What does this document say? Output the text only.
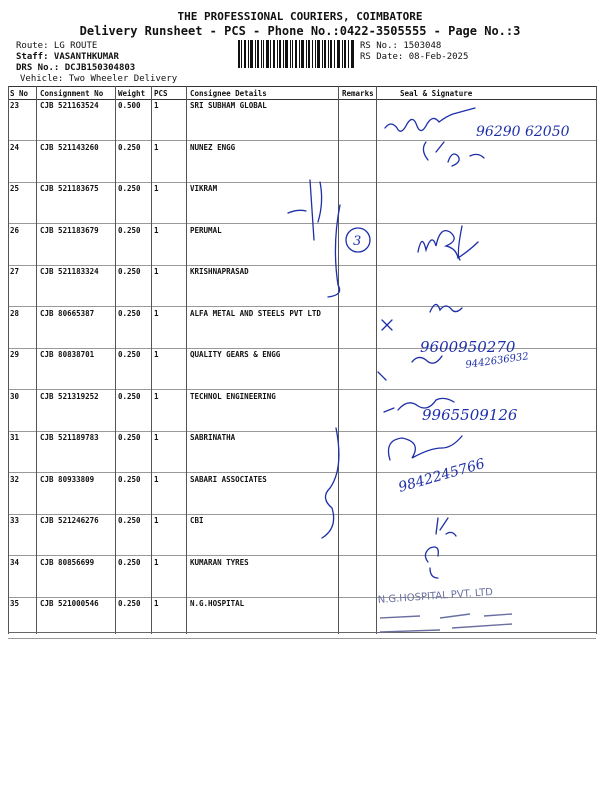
THE PROFESSIONAL COURIERS, COIMBATORE
Delivery Runsheet - PCS - Phone No.:0422-3505555 - Page No.:3
Route: LG ROUTE
Staff: VASANTHKUMAR
DRS No.: DCJB150304803
Vehicle: Two Wheeler Delivery
RS No.: 1503048
RS Date: 08-Feb-2025
S No Consignment No Weight PCS	Consignee Details	Remarks	Seal & Signature
23	CJB 521163524	0.500 1	SRI SUBHAM GLOBAL
24	CJB 521143260	0.250 1	NUNEZ ENGG
25	CJB 521183675	0.250 1	VIKRAM
26	CJB 521183679	0.250 1	PERUMAL
27	CJB 521183324	0.250 1	KRISHNAPRASAD
28	CJB 80665387	0.250 1	ALFA METAL AND STEELS PVT LTD
29	CJB 80838701	0.250 1	QUALITY GEARS & ENGG
30	CJB 521319252	0.250 1	TECHNOL ENGINEERING
31	CJB 521189783	0.250 1	SABRINATHA
32	CJB 80933809	0.250 1	SABARI ASSOCIATES
33	CJB 521246276	0.250 1	CBI
34	CJB 80856699	0.250 1	KUMARAN TYRES
35	CJB 521000546	0.250 1	N.G.HOSPITAL
96290 62050
3
9600950270
9442636932
9965509126
9842245766
N.G.HOSPITAL PVT. LTD
